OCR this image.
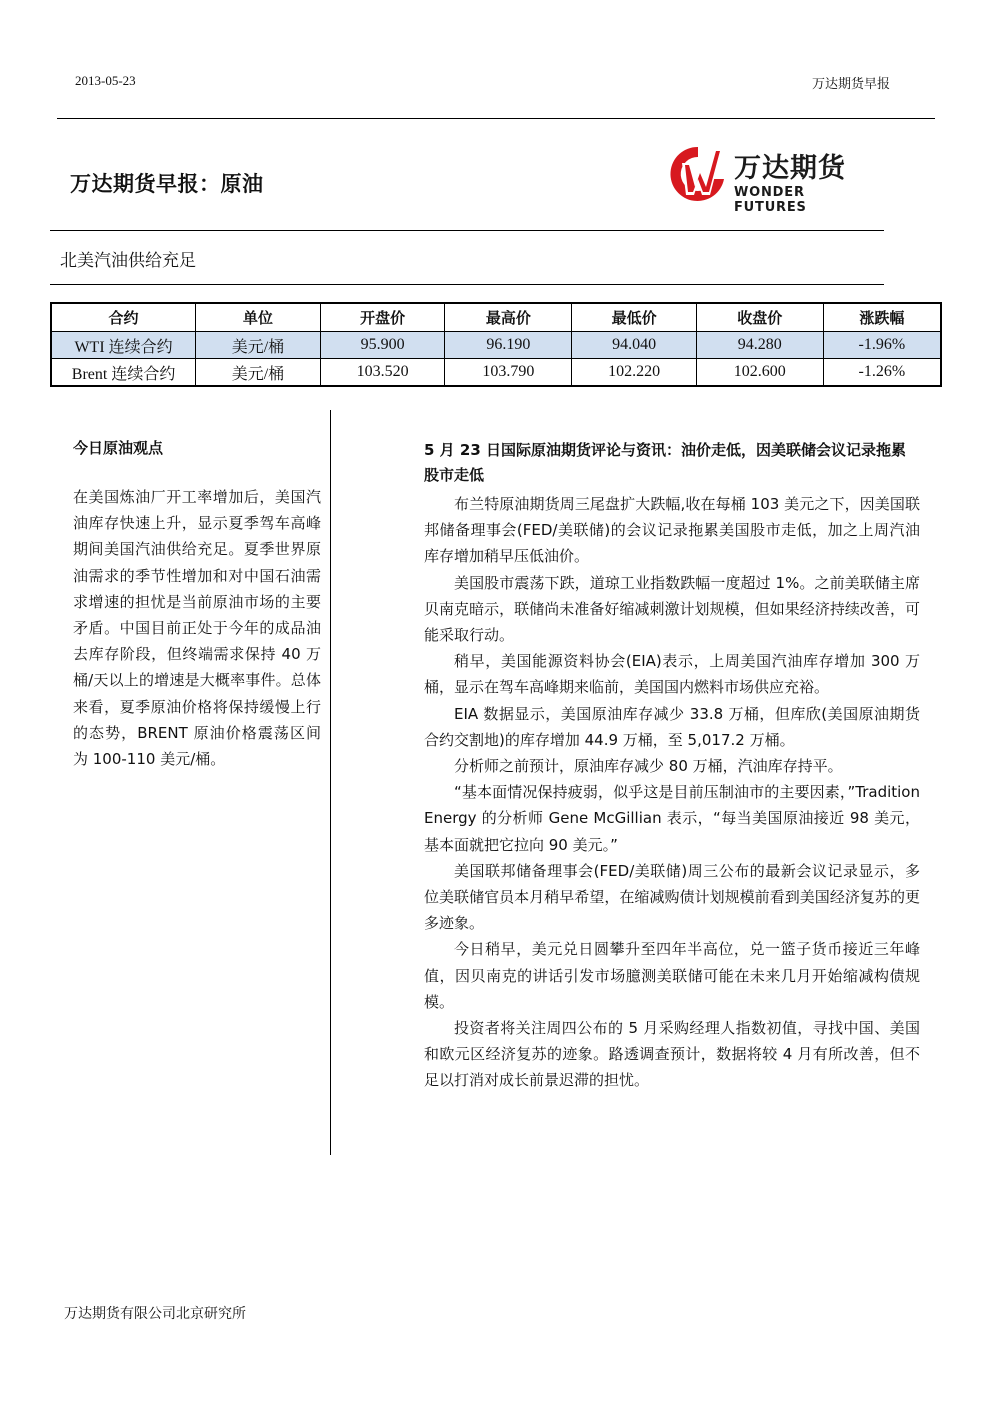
2013-05-23	万达期货早报
万达期货早报：原油	万达期货
WONDER FUTURES
北美汽油供给充足
合约	单位	开盘价	最高价	最低价	收盘价	涨跌幅
WTI 连续合约	美元/桶	95.900	96.190	94.040	94.280	-1.96%
Brent 连续合约	美元/桶	103.520	103.790	102.220	102.600	-1.26%
今日原油观点

在美国炼油厂开工率增加后，美国汽油库存快速上升，显示夏季驾车高峰期间美国汽油供给充足。夏季世界原油需求的季节性增加和对中国石油需求增速的担忧是当前原油市场的主要矛盾。中国目前正处于今年的成品油去库存阶段，但终端需求保持 40 万桶/天以上的增速是大概率事件。总体来看，夏季原油价格将保持缓慢上行的态势，BRENT 原油价格震荡区间为 100-110 美元/桶。

5 月 23 日国际原油期货评论与资讯：油价走低，因美联储会议记录拖累股市走低

布兰特原油期货周三尾盘扩大跌幅,收在每桶 103 美元之下，因美国联邦储备理事会(FED/美联储)的会议记录拖累美国股市走低，加之上周汽油库存增加稍早压低油价。

美国股市震荡下跌，道琼工业指数跌幅一度超过 1%。之前美联储主席贝南克暗示，联储尚未准备好缩减刺激计划规模，但如果经济持续改善，可能采取行动。

稍早，美国能源资料协会(EIA)表示，上周美国汽油库存增加 300 万桶，显示在驾车高峰期来临前，美国国内燃料市场供应充裕。

EIA 数据显示，美国原油库存减少 33.8 万桶，但库欣(美国原油期货合约交割地)的库存增加 44.9 万桶，至 5,017.2 万桶。

分析师之前预计，原油库存减少 80 万桶，汽油库存持平。

“基本面情况保持疲弱，似乎这是目前压制油市的主要因素，”Tradition Energy 的分析师 Gene McGillian 表示，“每当美国原油接近 98 美元，基本面就把它拉向 90 美元。”

美国联邦储备理事会(FED/美联储)周三公布的最新会议记录显示，多位美联储官员本月稍早希望，在缩减购债计划规模前看到美国经济复苏的更多迹象。

今日稍早，美元兑日圆攀升至四年半高位，兑一篮子货币接近三年峰值，因贝南克的讲话引发市场臆测美联储可能在未来几月开始缩减构债规模。

投资者将关注周四公布的 5 月采购经理人指数初值，寻找中国、美国和欧元区经济复苏的迹象。路透调查预计，数据将较 4 月有所改善，但不足以打消对成长前景迟滞的担忧。

万达期货有限公司北京研究所
